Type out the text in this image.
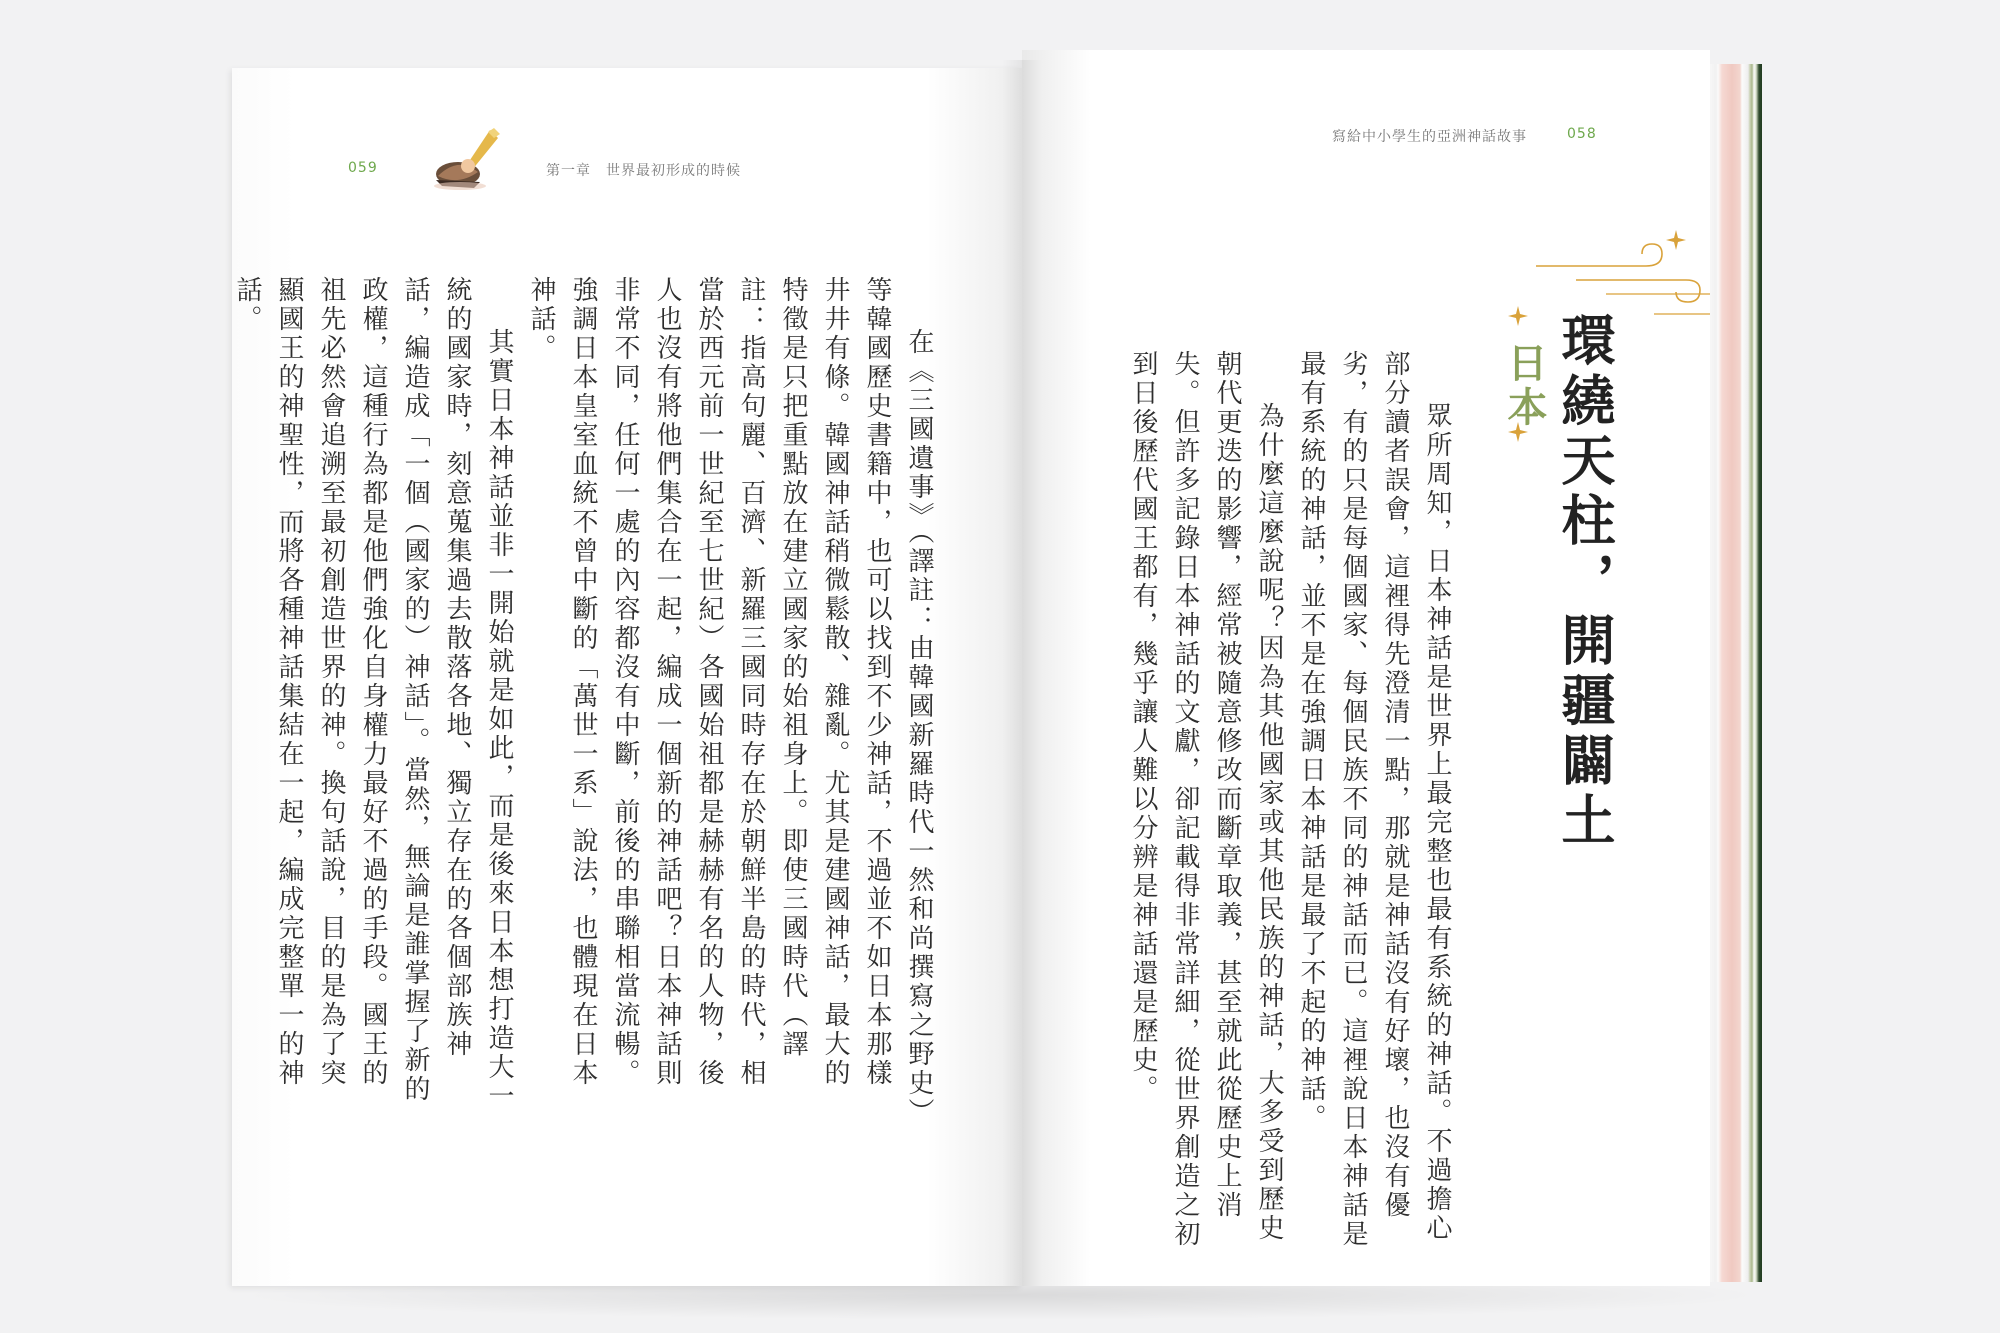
059	第一章　世界最初形成的時候

在《三國遺事》（譯註：由韓國新羅時代一然和尚撰寫之野史）等韓國歷史書籍中，也可以找到不少神話，不過並不如日本那樣井井有條。韓國神話稍微鬆散、雜亂。尤其是建國神話，最大的特徵是只把重點放在建立國家的始祖身上。即使三國時代（譯註：指高句麗、百濟、新羅三國同時存在於朝鮮半島的時代，相當於西元前一世紀至七世紀）各國始祖都是赫赫有名的人物，後人也沒有將他們集合在一起，編成一個新的神話吧？日本神話則非常不同，任何一處的內容都沒有中斷，前後的串聯相當流暢。強調日本皇室血統不曾中斷的「萬世一系」說法，也體現在日本神話。

其實日本神話並非一開始就是如此，而是後來日本想打造大一統的國家時，刻意蒐集過去散落各地、獨立存在的各個部族神話，編造成「一個（國家的）神話」。當然，無論是誰掌握了新的政權，這種行為都是他們強化自身權力最好不過的手段。國王的祖先必然會追溯至最初創造世界的神。換句話說，目的是為了突顯國王的神聖性，而將各種神話集結在一起，編成完整單一的神話。

寫給中小學生的亞洲神話故事	058
環繞天柱，開疆闢土
日本

眾所周知，日本神話是世界上最完整也最有系統的神話。不過擔心部分讀者誤會，這裡得先澄清一點，那就是神話沒有好壞，也沒有優劣，有的只是每個國家、每個民族不同的神話而已。這裡說日本神話是最有系統的神話，並不是在強調日本神話是最了不起的神話。

為什麼這麼說呢？因為其他國家或其他民族的神話，大多受到歷史朝代更迭的影響，經常被隨意修改而斷章取義，甚至就此從歷史上消失。但許多記錄日本神話的文獻，卻記載得非常詳細，從世界創造之初到日後歷代國王都有，幾乎讓人難以分辨是神話還是歷史。
